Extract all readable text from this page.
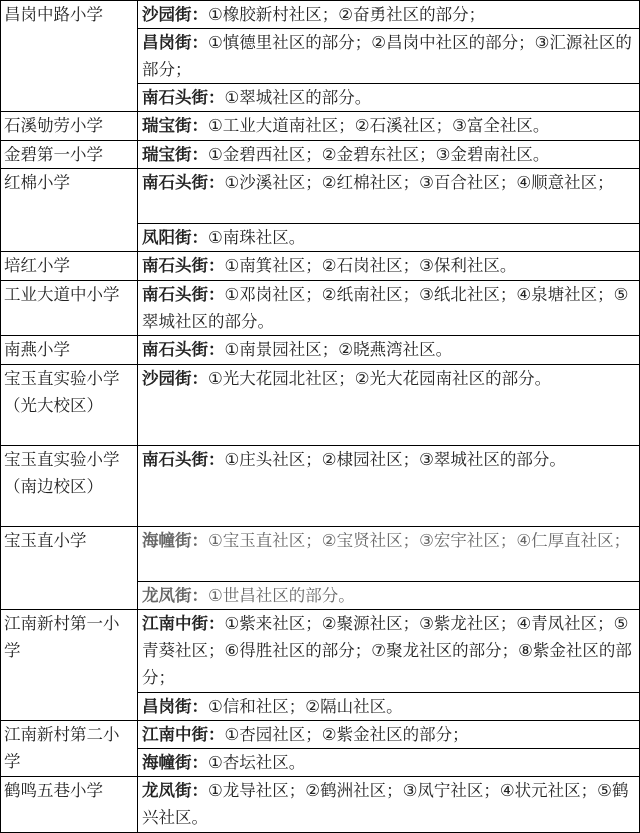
昌岗中路小学	沙园街：①橡胶新村社区；②奋勇社区的部分；
	昌岗街：①慎德里社区的部分；②昌岗中社区的部分；③汇源社区的部分；
	南石头街：①翠城社区的部分。
石溪劬劳小学	瑞宝街：①工业大道南社区；②石溪社区；③富全社区。
金碧第一小学	瑞宝街：①金碧西社区；②金碧东社区；③金碧南社区。
红棉小学	南石头街：①沙溪社区；②红棉社区；③百合社区；④顺意社区；
	凤阳街：①南珠社区。
培红小学	南石头街：①南箕社区；②石岗社区；③保利社区。
工业大道中小学	南石头街：①邓岗社区；②纸南社区；③纸北社区；④泉塘社区；⑤翠城社区的部分。
南燕小学	南石头街：①南景园社区；②晓燕湾社区。
宝玉直实验小学（光大校区）	沙园街：①光大花园北社区；②光大花园南社区的部分。
宝玉直实验小学（南边校区）	南石头街：①庄头社区；②棣园社区；③翠城社区的部分。
宝玉直小学	海幢街：①宝玉直社区；②宝贤社区；③宏宇社区；④仁厚直社区；
	龙凤街：①世昌社区的部分。
江南新村第一小学	江南中街：①紫来社区；②聚源社区；③紫龙社区；④青凤社区；⑤青葵社区；⑥得胜社区的部分；⑦聚龙社区的部分；⑧紫金社区的部分；
	昌岗街：①信和社区；②隔山社区。
江南新村第二小学	江南中街：①杏园社区；②紫金社区的部分；
	海幢街：①杏坛社区。
鹤鸣五巷小学	龙凤街：①龙导社区；②鹤洲社区；③凤宁社区；④状元社区；⑤鹤兴社区。
